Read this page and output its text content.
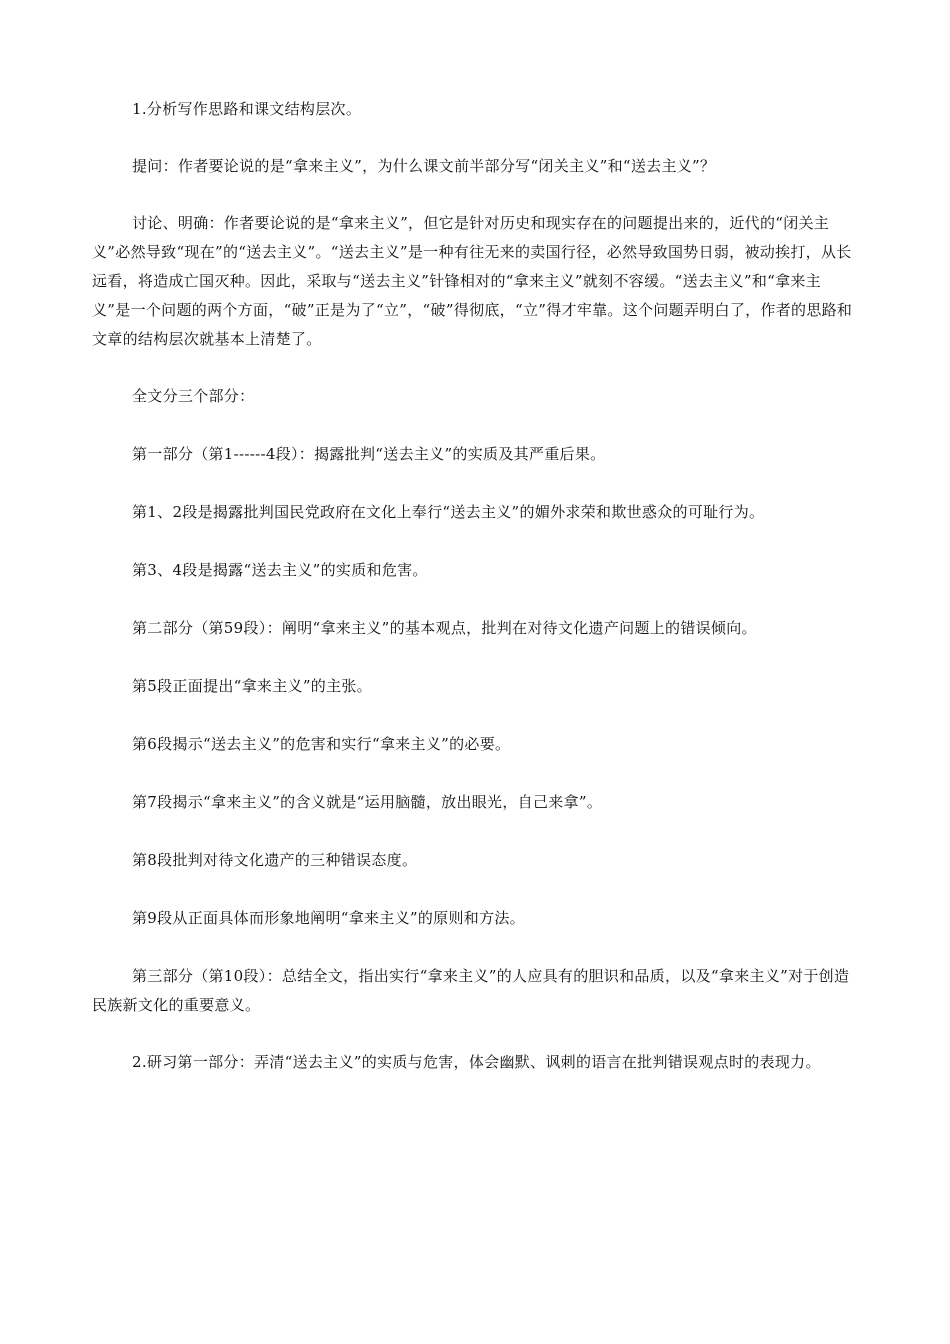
1.分析写作思路和课文结构层次。

提问：作者要论说的是“拿来主义”，为什么课文前半部分写“闭关主义”和“送去主义”？

讨论、明确：作者要论说的是“拿来主义”，但它是针对历史和现实存在的问题提出来的，近代的“闭关主义”必然导致“现在”的“送去主义”。“送去主义”是一种有往无来的卖国行径，必然导致国势日弱，被动挨打，从长远看，将造成亡国灭种。因此，采取与“送去主义”针锋相对的“拿来主义”就刻不容缓。“送去主义”和“拿来主义”是一个问题的两个方面，“破”正是为了“立”，“破”得彻底，“立”得才牢靠。这个问题弄明白了，作者的思路和文章的结构层次就基本上清楚了。

全文分三个部分：

第一部分（第1------4段）：揭露批判“送去主义”的实质及其严重后果。

第1、2段是揭露批判国民党政府在文化上奉行“送去主义”的媚外求荣和欺世惑众的可耻行为。

第3、4段是揭露“送去主义”的实质和危害。

第二部分（第59段）：阐明“拿来主义”的基本观点，批判在对待文化遗产问题上的错误倾向。

第5段正面提出“拿来主义”的主张。

第6段揭示“送去主义”的危害和实行“拿来主义”的必要。

第7段揭示“拿来主义”的含义就是“运用脑髓，放出眼光，自己来拿”。

第8段批判对待文化遗产的三种错误态度。

第9段从正面具体而形象地阐明“拿来主义”的原则和方法。

第三部分（第10段）：总结全文，指出实行“拿来主义”的人应具有的胆识和品质，以及“拿来主义”对于创造民族新文化的重要意义。

2.研习第一部分：弄清“送去主义”的实质与危害，体会幽默、讽刺的语言在批判错误观点时的表现力。
